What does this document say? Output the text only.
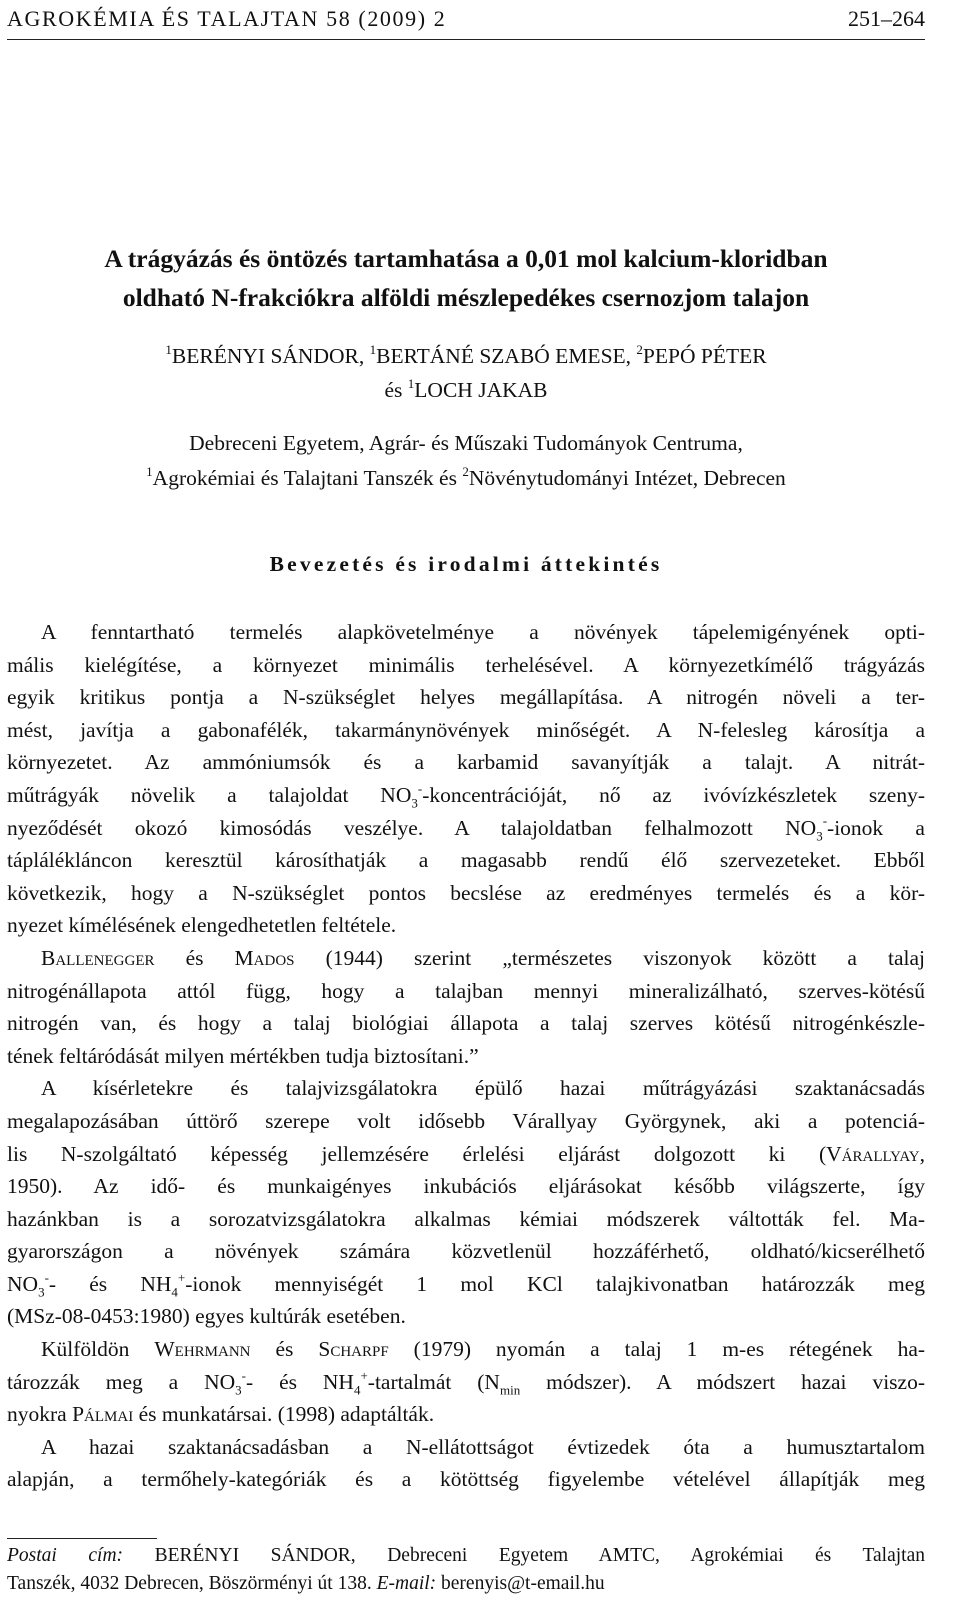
AGROKÉMIA ÉS TALAJTAN 58 (2009) 2	251–264
A trágyázás és öntözés tartamhatása a 0,01 mol kalcium-kloridban
oldható N-frakciókra alföldi mészlepedékes csernozjom talajon
$^1$BERÉNYI SÁNDOR, $^1$BERTÁNÉ SZABÓ EMESE, $^2$PEPÓ PÉTER
és $^1$LOCH JAKAB
Debreceni Egyetem, Agrár- és Műszaki Tudományok Centruma,
$^1$Agrokémiai és Talajtani Tanszék és $^2$Növénytudományi Intézet, Debrecen
Bevezetés és irodalmi áttekintés
A fenntartható termelés alapkövetelménye a növények tápelemigényének opti-
mális kielégítése, a környezet minimális terhelésével. A környezetkímélő trágyázás
egyik kritikus pontja a N-szükséglet helyes megállapítása. A nitrogén növeli a ter-
mést, javítja a gabonafélék, takarmánynövények minőségét. A N-felesleg károsítja a
környezetet. Az ammóniumsók és a karbamid savanyítják a talajt. A nitrát-
műtrágyák növelik a talajoldat $NO_3^-$-koncentrációját, nő az ivóvízkészletek szeny-
nyeződését okozó kimosódás veszélye. A talajoldatban felhalmozott $NO_3^-$-ionok a
táplálékláncon keresztül károsíthatják a magasabb rendű élő szervezeteket. Ebből
következik, hogy a N-szükséglet pontos becslése az eredményes termelés és a kör-
nyezet kímélésének elengedhetetlen feltétele.
Ballenegger és Mados (1944) szerint „természetes viszonyok között a talaj
nitrogénállapota attól függ, hogy a talajban mennyi mineralizálható, szerves-kötésű
nitrogén van, és hogy a talaj biológiai állapota a talaj szerves kötésű nitrogénkészle-
tének feltáródását milyen mértékben tudja biztosítani.”
A kísérletekre és talajvizsgálatokra épülő hazai műtrágyázási szaktanácsadás
megalapozásában úttörő szerepe volt idősebb Várallyay Györgynek, aki a potenciá-
lis N-szolgáltató képesség jellemzésére érlelési eljárást dolgozott ki (Várallyay,
1950). Az idő- és munkaigényes inkubációs eljárásokat később világszerte, így
hazánkban is a sorozatvizsgálatokra alkalmas kémiai módszerek váltották fel. Ma-
gyarországon a növények számára közvetlenül hozzáférhető, oldható/kicserélhető
$NO_3^--$ és $NH_4^+$-ionok mennyiségét 1 mol KCl talajkivonatban határozzák meg
(MSz-08-0453:1980) egyes kultúrák esetében.
Külföldön Wehrmann és Scharpf (1979) nyomán a talaj 1 m-es rétegének ha-
tározzák meg a $NO_3^--$ és $NH_4^+$-tartalmát ($N_{min}$ módszer). A módszert hazai viszo-
nyokra Pálmai és munkatársai. (1998) adaptálták.
A hazai szaktanácsadásban a N-ellátottságot évtizedek óta a humusztartalom
alapján, a termőhely-kategóriák és a kötöttség figyelembe vételével állapítják meg
Postai cím: BERÉNYI SÁNDOR, Debreceni Egyetem AMTC, Agrokémiai és Talajtan
Tanszék, 4032 Debrecen, Böszörményi út 138. E-mail: berenyis@t-email.hu
